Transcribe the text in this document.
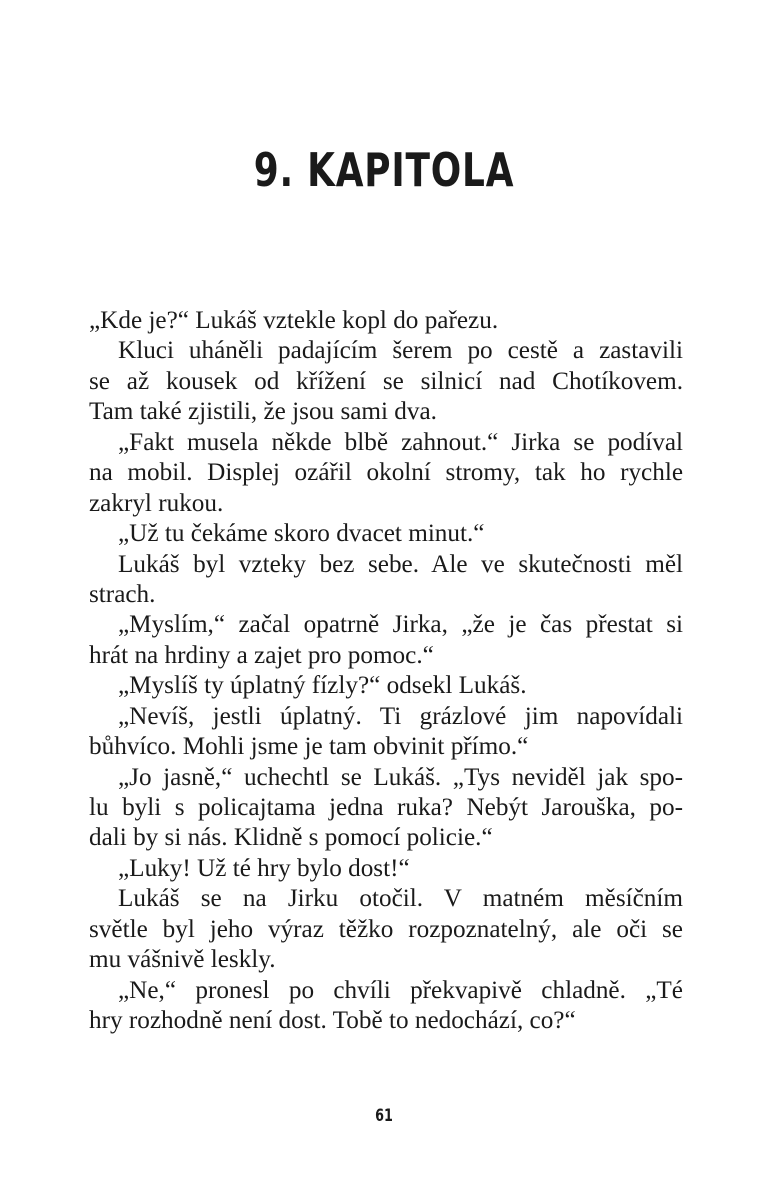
9. KAPITOLA
„Kde je?“ Lukáš vztekle kopl do pařezu.
Kluci uháněli padajícím šerem po cestě a zastavili
se až kousek od křížení se silnicí nad Chotíkovem.
Tam také zjistili, že jsou sami dva.
„Fakt musela někde blbě zahnout.“ Jirka se podíval
na mobil. Displej ozářil okolní stromy, tak ho rychle
zakryl rukou.
„Už tu čekáme skoro dvacet minut.“
Lukáš byl vzteky bez sebe. Ale ve skutečnosti měl
strach.
„Myslím,“ začal opatrně Jirka, „že je čas přestat si
hrát na hrdiny a zajet pro pomoc.“
„Myslíš ty úplatný fízly?“ odsekl Lukáš.
„Nevíš, jestli úplatný. Ti grázlové jim napovídali
bůhvíco. Mohli jsme je tam obvinit přímo.“
„Jo jasně,“ uchechtl se Lukáš. „Tys neviděl jak spo-
lu byli s policajtama jedna ruka? Nebýt Jarouška, po-
dali by si nás. Klidně s pomocí policie.“
„Luky! Už té hry bylo dost!“
Lukáš se na Jirku otočil. V matném měsíčním
světle byl jeho výraz těžko rozpoznatelný, ale oči se
mu vášnivě leskly.
„Ne,“ pronesl po chvíli překvapivě chladně. „Té
hry rozhodně není dost. Tobě to nedochází, co?“
61
